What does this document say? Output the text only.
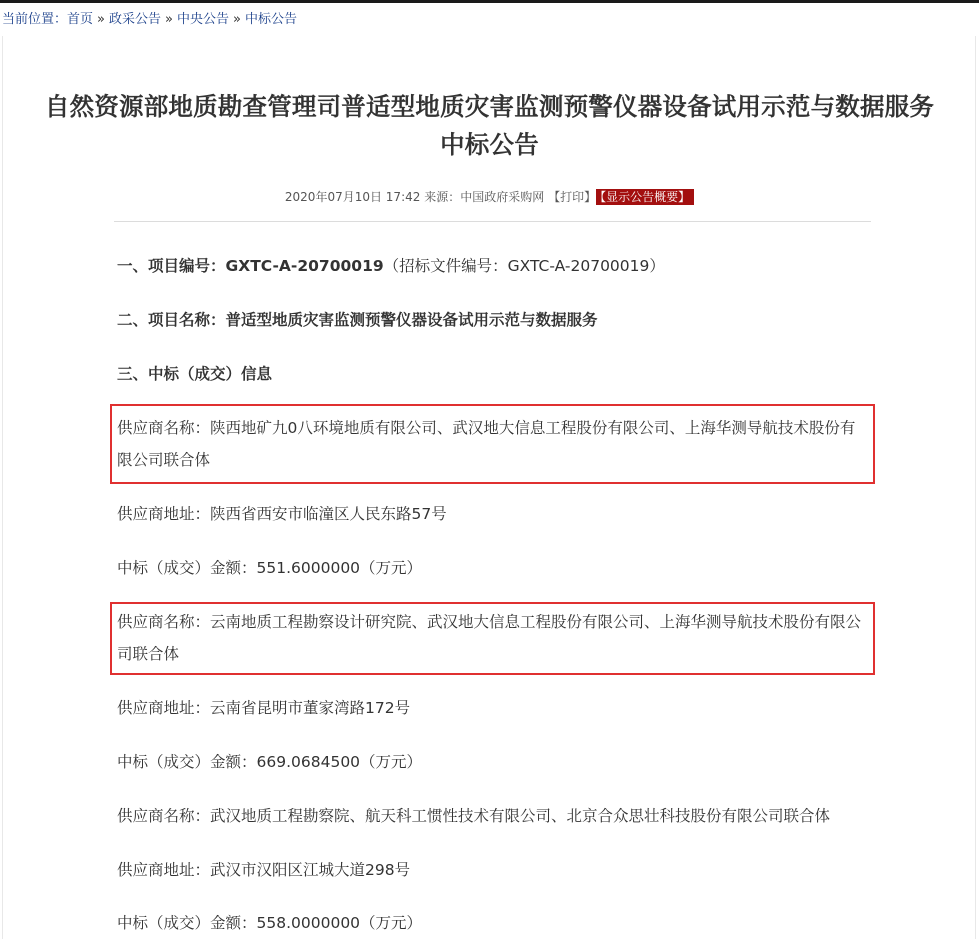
当前位置：首页 » 政采公告 » 中央公告 » 中标公告
自然资源部地质勘查管理司普适型地质灾害监测预警仪器设备试用示范与数据服务
中标公告
2020年07月10日 17:42 来源：中国政府采购网 【打印】 【显示公告概要】
一、项目编号：GXTC-A-20700019（招标文件编号：GXTC-A-20700019）
二、项目名称：普适型地质灾害监测预警仪器设备试用示范与数据服务
三、中标（成交）信息
供应商名称：陕西地矿九0八环境地质有限公司、武汉地大信息工程股份有限公司、上海华测导航技术股份有限公司联合体
供应商地址：陕西省西安市临潼区人民东路57号
中标（成交）金额：551.6000000（万元）
供应商名称：云南地质工程勘察设计研究院、武汉地大信息工程股份有限公司、上海华测导航技术股份有限公司联合体
供应商地址：云南省昆明市董家湾路172号
中标（成交）金额：669.0684500（万元）
供应商名称：武汉地质工程勘察院、航天科工惯性技术有限公司、北京合众思壮科技股份有限公司联合体
供应商地址：武汉市汉阳区江城大道298号
中标（成交）金额：558.0000000（万元）
